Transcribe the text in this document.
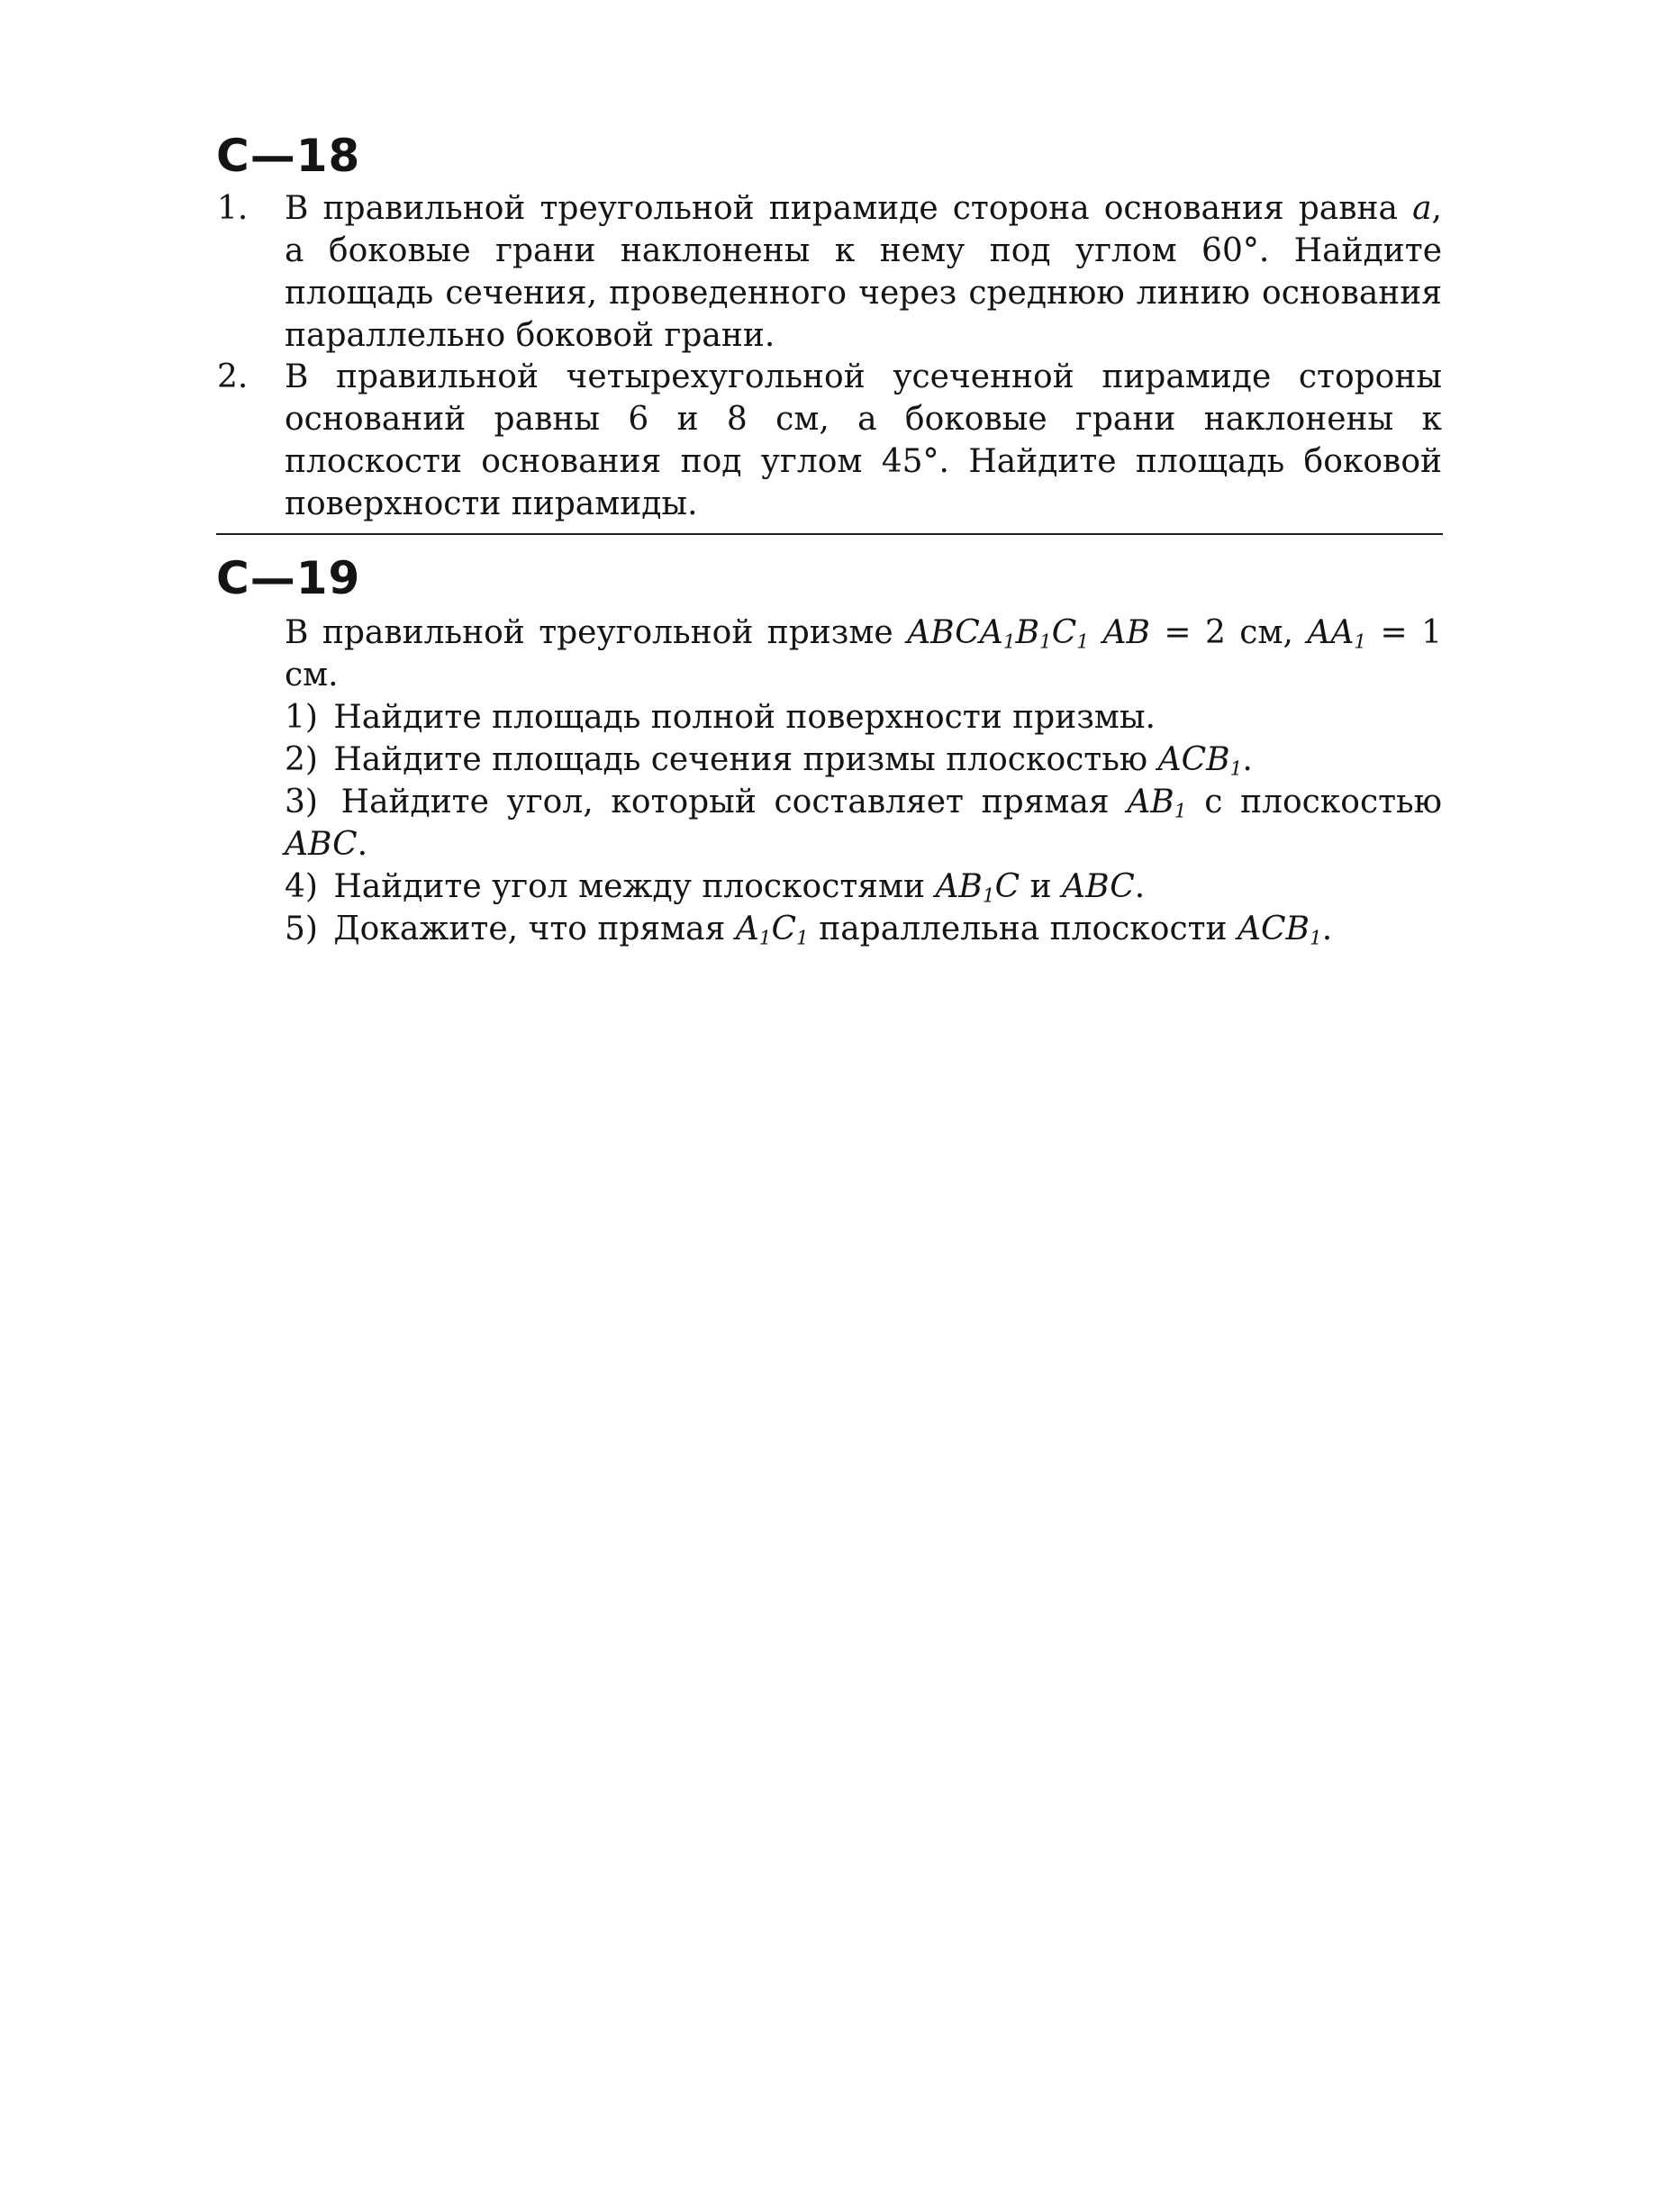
С—18
1. В правильной треугольной пирамиде сторона основания равна a, а боковые грани наклонены к нему под углом 60°. Найдите площадь сечения, проведенного через среднюю линию основания параллельно боковой грани.
2. В правильной четырехугольной усеченной пирамиде стороны оснований равны 6 и 8 см, а боковые грани наклонены к плоскости основания под углом 45°. Найдите площадь боковой поверхности пирамиды.
С—19

В правильной треугольной призме $ABCA_1B_1C_1$ AB = 2 см, $AA_1 = 1$ см.

1) Найдите площадь полной поверхности призмы.

2) Найдите площадь сечения призмы плоскостью $ACB_1$.

3) Найдите угол, который составляет прямая $AB_1$ с плоскостью ABC.

4) Найдите угол между плоскостями $AB_1C$ и ABC.

5) Докажите, что прямая $A_1C_1$ параллельна плоскости $ACB_1$.
